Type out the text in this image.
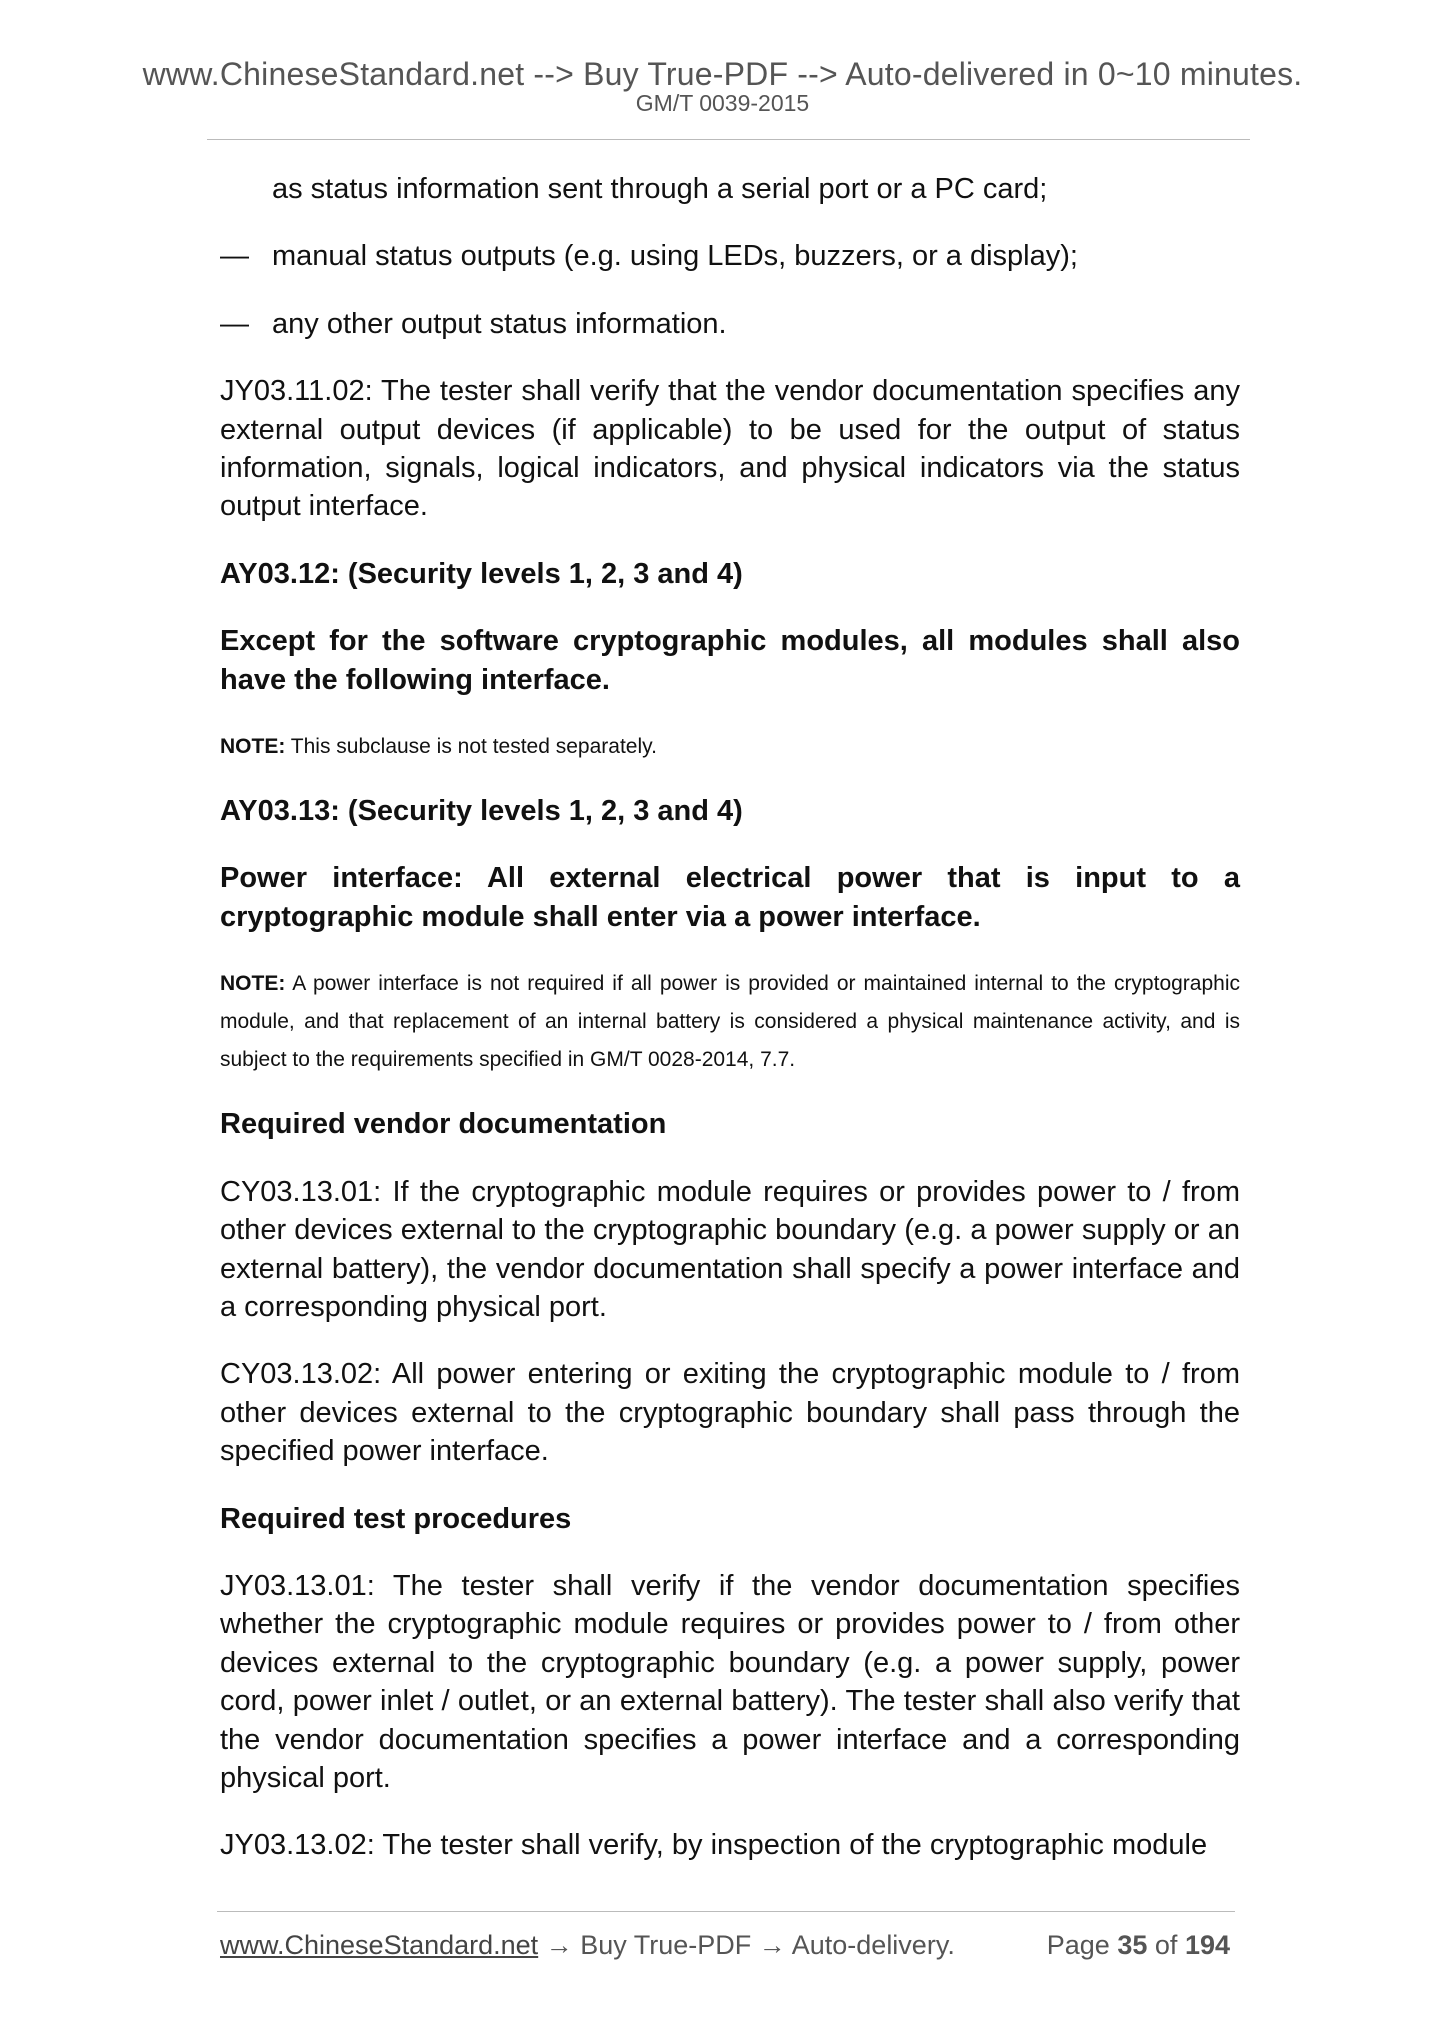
www.ChineseStandard.net --> Buy True-PDF --> Auto-delivered in 0~10 minutes.
GM/T 0039-2015

as status information sent through a serial port or a PC card;

— manual status outputs (e.g. using LEDs, buzzers, or a display);

— any other output status information.

JY03.11.02: The tester shall verify that the vendor documentation specifies any external output devices (if applicable) to be used for the output of status information, signals, logical indicators, and physical indicators via the status output interface.

AY03.12: (Security levels 1, 2, 3 and 4)

Except for the software cryptographic modules, all modules shall also have the following interface.

NOTE: This subclause is not tested separately.

AY03.13: (Security levels 1, 2, 3 and 4)

Power interface: All external electrical power that is input to a cryptographic module shall enter via a power interface.

NOTE: A power interface is not required if all power is provided or maintained internal to the cryptographic module, and that replacement of an internal battery is considered a physical maintenance activity, and is subject to the requirements specified in GM/T 0028-2014, 7.7.

Required vendor documentation

CY03.13.01: If the cryptographic module requires or provides power to / from other devices external to the cryptographic boundary (e.g. a power supply or an external battery), the vendor documentation shall specify a power interface and a corresponding physical port.

CY03.13.02: All power entering or exiting the cryptographic module to / from other devices external to the cryptographic boundary shall pass through the specified power interface.

Required test procedures

JY03.13.01: The tester shall verify if the vendor documentation specifies whether the cryptographic module requires or provides power to / from other devices external to the cryptographic boundary (e.g. a power supply, power cord, power inlet / outlet, or an external battery). The tester shall also verify that the vendor documentation specifies a power interface and a corresponding physical port.

JY03.13.02: The tester shall verify, by inspection of the cryptographic module

www.ChineseStandard.net → Buy True-PDF → Auto-delivery.	Page 35 of 194
